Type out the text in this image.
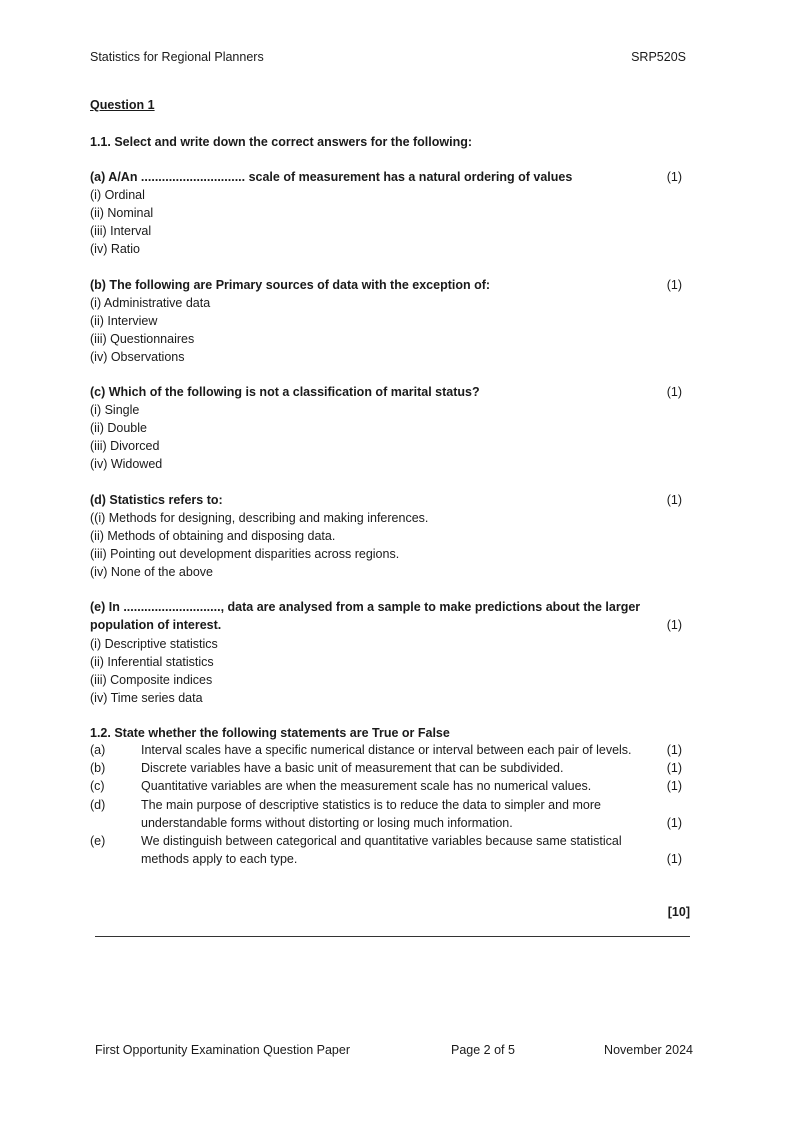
Statistics for Regional Planners	SRP520S
Question 1
1.1. Select and write down the correct answers for the following:
(a) A/An .............................. scale of measurement has a natural ordering of values	(1)
(i) Ordinal
(ii) Nominal
(iii) Interval
(iv) Ratio
(b) The following are Primary sources of data with the exception of:	(1)
(i) Administrative data
(ii) Interview
(iii) Questionnaires
(iv) Observations
(c) Which of the following is not a classification of marital status?	(1)
(i) Single
(ii) Double
(iii) Divorced
(iv) Widowed
(d) Statistics refers to:	(1)
((i) Methods for designing, describing and making inferences.
(ii) Methods of obtaining and disposing data.
(iii) Pointing out development disparities across regions.
(iv) None of the above
(e) In ............................, data are analysed from a sample to make predictions about the larger
population of interest.	(1)
(i) Descriptive statistics
(ii) Inferential statistics
(iii) Composite indices
(iv) Time series data
1.2. State whether the following statements are True or False
(a)	Interval scales have a specific numerical distance or interval between each pair of levels.	(1)
(b)	Discrete variables have a basic unit of measurement that can be subdivided.	(1)
(c)	Quantitative variables are when the measurement scale has no numerical values.	(1)
(d)	The main purpose of descriptive statistics is to reduce the data to simpler and more
understandable forms without distorting or losing much information.	(1)
(e)	We distinguish between categorical and quantitative variables because same statistical
methods apply to each type.	(1)
[10]
First Opportunity Examination Question Paper	Page 2 of 5	November 2024
